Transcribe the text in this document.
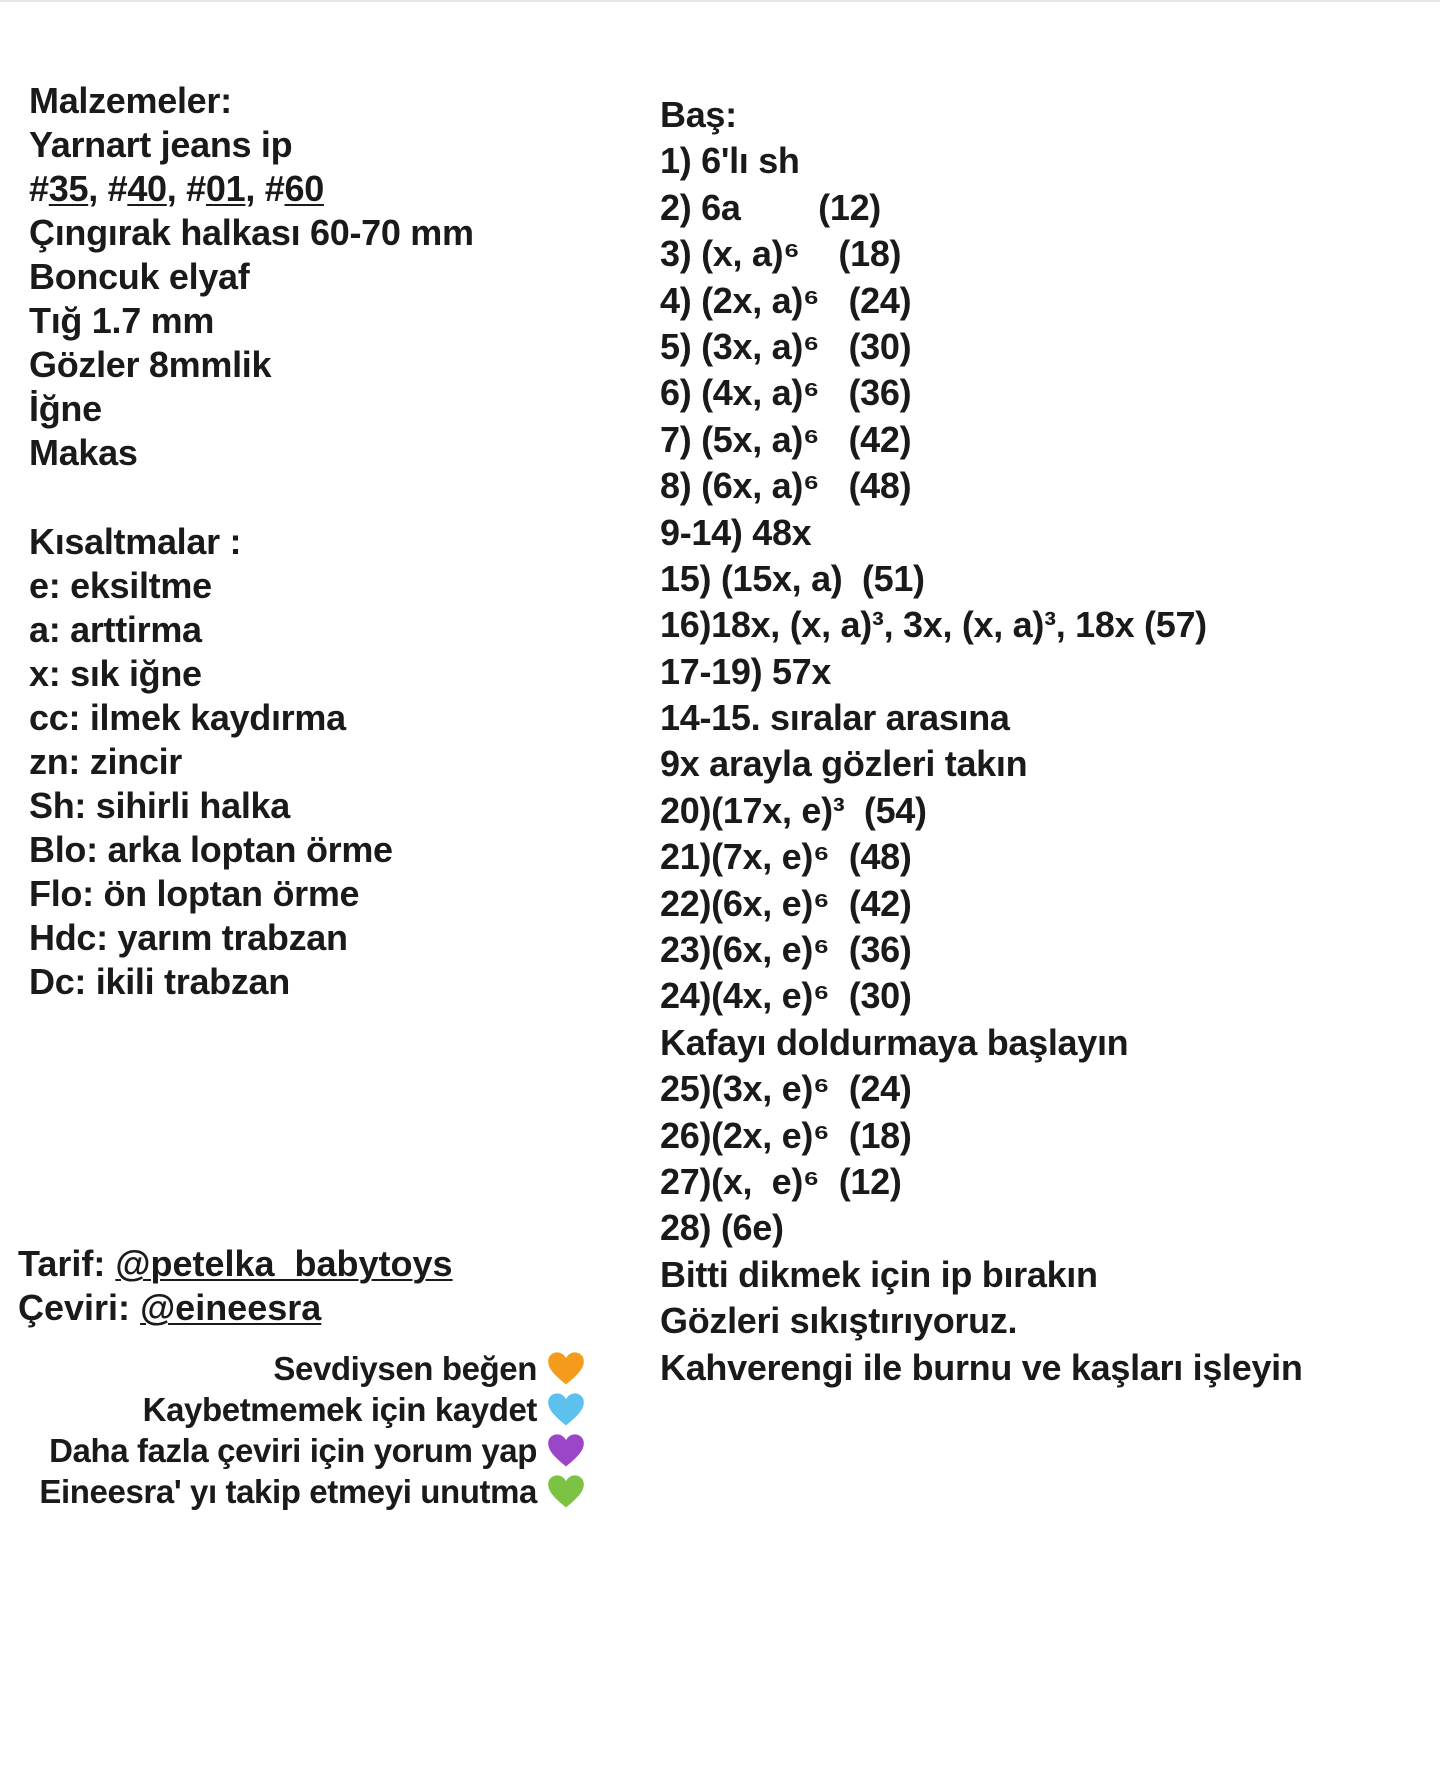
Malzemeler:
Yarnart jeans ip
#35, #40, #01, #60
Çıngırak halkası 60-70 mm
Boncuk elyaf
Tığ 1.7 mm
Gözler 8mmlik
İğne
Makas
Kısaltmalar :
e: eksiltme
a: arttirma
x: sık iğne
cc: ilmek kaydırma
zn: zincir
Sh: sihirli halka
Blo: arka loptan örme
Flo: ön loptan örme
Hdc: yarım trabzan
Dc: ikili trabzan
Tarif: @petelka_babytoys
Çeviri: @eineesra
Sevdiysen beğen
Kaybetmemek için kaydet
Daha fazla çeviri için yorum yap
Eineesra' yı takip etmeyi unutma
Baş:
1) 6'lı sh
2) 6a        (12)
3) (x, a)⁶    (18)
4) (2x, a)⁶   (24)
5) (3x, a)⁶   (30)
6) (4x, a)⁶   (36)
7) (5x, a)⁶   (42)
8) (6x, a)⁶   (48)
9-14) 48x
15) (15x, a)  (51)
16)18x, (x, a)³, 3x, (x, a)³, 18x (57)
17-19) 57x
14-15. sıralar arasına
9x arayla gözleri takın
20)(17x, e)³  (54)
21)(7x, e)⁶  (48)
22)(6x, e)⁶  (42)
23)(6x, e)⁶  (36)
24)(4x, e)⁶  (30)
Kafayı doldurmaya başlayın
25)(3x, e)⁶  (24)
26)(2x, e)⁶  (18)
27)(x,  e)⁶  (12)
28) (6e)
Bitti dikmek için ip bırakın
Gözleri sıkıştırıyoruz.
Kahverengi ile burnu ve kaşları işleyin
